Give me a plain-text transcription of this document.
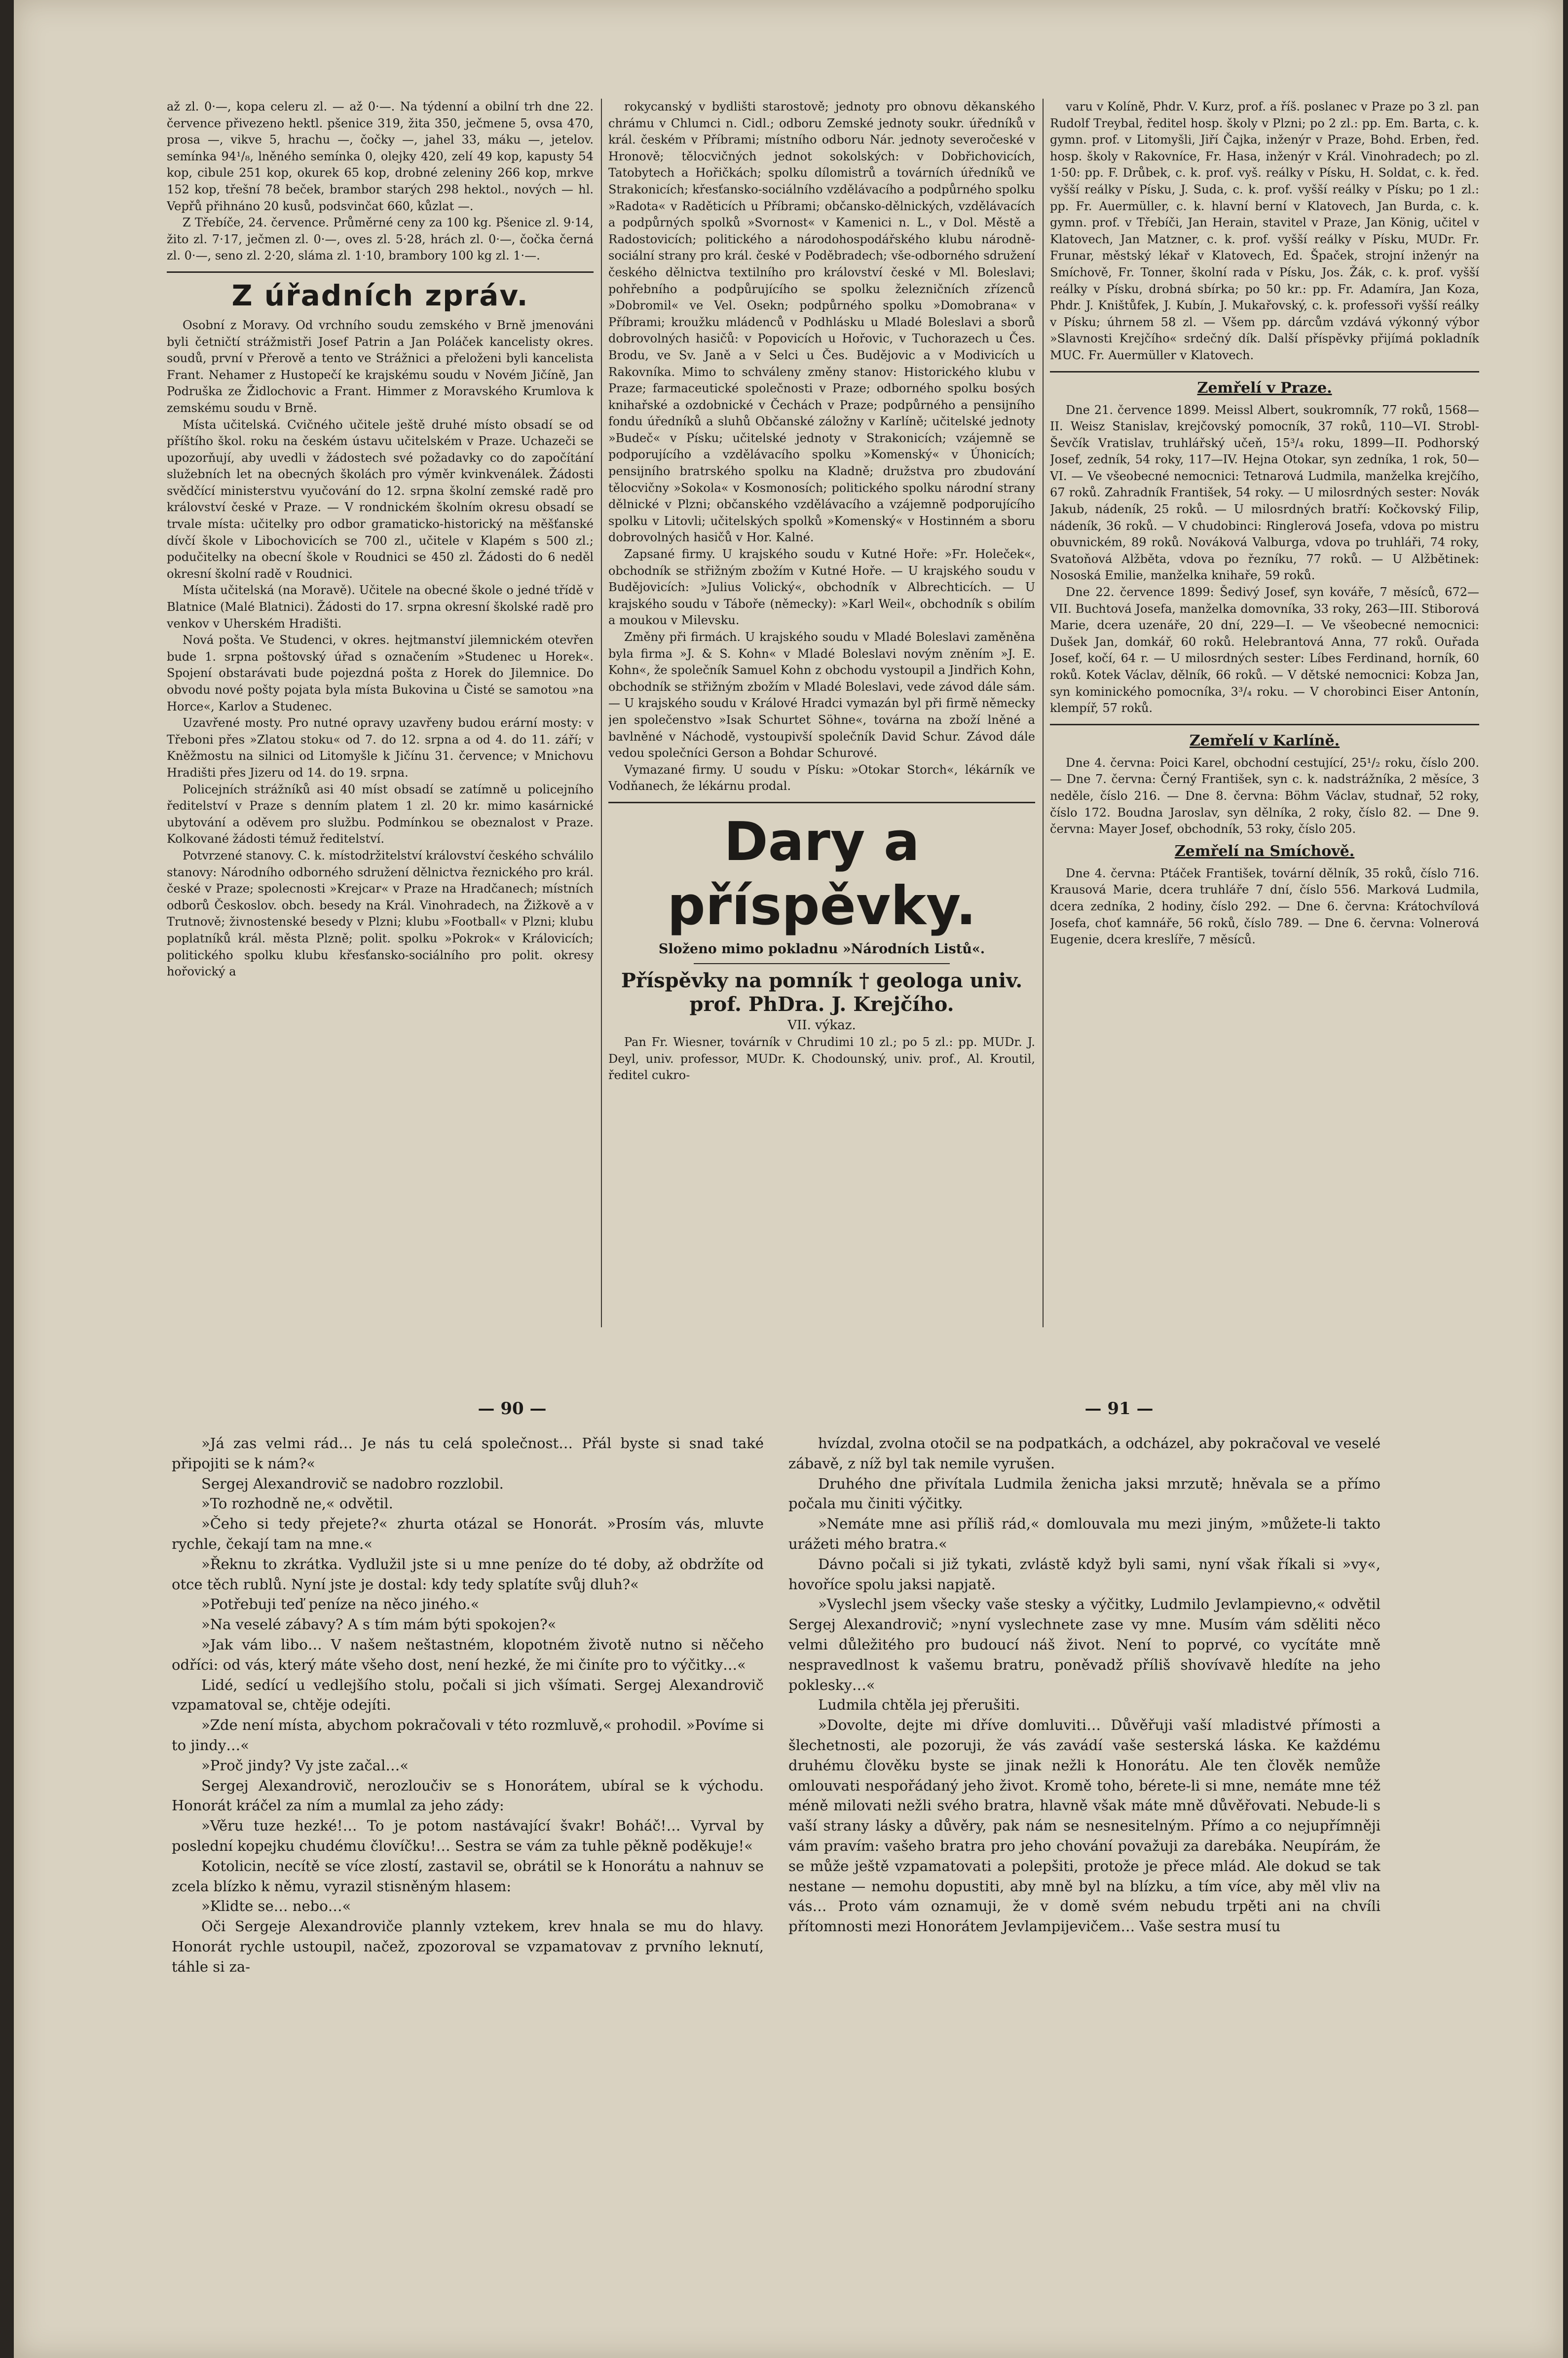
až zl. 0·—, kopa celeru zl. — až 0·—. Na týdenní a obilní trh dne 22. července přivezeno hektl. pšenice 319, žita 350, ječmene 5, ovsa 470, prosa —, vikve 5, hrachu —, čočky —, jahel 33, máku —, jetelov. semínka 94¹/₈, lněného semínka 0, olejky 420, zelí 49 kop, kapusty 54 kop, cibule 251 kop, okurek 65 kop, drobné zeleniny 266 kop, mrkve 152 kop, třešní 78 beček, brambor starých 298 hektol., nových — hl. Vepřů přihnáno 20 kusů, podsvinčat 660, kůzlat —.

Z Třebíče, 24. července. Průměrné ceny za 100 kg. Pšenice zl. 9·14, žito zl. 7·17, ječmen zl. 0·—, oves zl. 5·28, hrách zl. 0·—, čočka černá zl. 0·—, seno zl. 2·20, sláma zl. 1·10, brambory 100 kg zl. 1·—.

Z úřadních zpráv.

Osobní z Moravy. Od vrchního soudu zemského v Brně jmenováni byli četničtí strážmistři Josef Patrin a Jan Poláček kancelisty okres. soudů, první v Přerově a tento ve Strážnici a přeloženi byli kancelista Frant. Nehamer z Hustopečí ke krajskému soudu v Novém Jičíně, Jan Podruška ze Židlochovic a Frant. Himmer z Moravského Krumlova k zemskému soudu v Brně.

Místa učitelská. Cvičného učitele ještě druhé místo obsadí se od příštího škol. roku na českém ústavu učitelském v Praze. Uchazeči se upozorňují, aby uvedli v žádostech své požadavky co do započítání služebních let na obecných školách pro výměr kvinkvenálek. Žádosti svědčící ministerstvu vyučování do 12. srpna školní zemské radě pro království české v Praze. — V rondnickém školním okresu obsadí se trvale místa: učitelky pro odbor gramaticko-historický na měšťanské dívčí škole v Libochovicích se 700 zl., učitele v Klapém s 500 zl.; podučitelky na obecní škole v Roudnici se 450 zl. Žádosti do 6 neděl okresní školní radě v Roudnici.

Místa učitelská (na Moravě). Učitele na obecné škole o jedné třídě v Blatnice (Malé Blatnici). Žádosti do 17. srpna okresní školské radě pro venkov v Uherském Hradišti.

Nová pošta. Ve Studenci, v okres. hejtmanství jilemnickém otevřen bude 1. srpna poštovský úřad s označením »Studenec u Horek«. Spojení obstarávati bude pojezdná pošta z Horek do Jilemnice. Do obvodu nové pošty pojata byla místa Bukovina u Čisté se samotou »na Horce«, Karlov a Studenec.

Uzavřené mosty. Pro nutné opravy uzavřeny budou erární mosty: v Třeboni přes »Zlatou stoku« od 7. do 12. srpna a od 4. do 11. září; v Kněžmostu na silnici od Litomyšle k Jičínu 31. července; v Mnichovu Hradišti přes Jizeru od 14. do 19. srpna.

Policejních strážníků asi 40 míst obsadí se zatímně u policejního ředitelství v Praze s denním platem 1 zl. 20 kr. mimo kasárnické ubytování a oděvem pro službu. Podmínkou se obeznalost v Praze. Kolkované žádosti témuž ředitelství.

Potvrzené stanovy. C. k. místodržitelství království českého schválilo stanovy: Národního odborného sdružení dělnictva řeznického pro král. české v Praze; spolecnosti »Krejcar« v Praze na Hradčanech; místních odborů Českoslov. obch. besedy na Král. Vinohradech, na Žižkově a v Trutnově; živnostenské besedy v Plzni; klubu »Football« v Plzni; klubu poplatníků král. města Plzně; polit. spolku »Pokrok« v Královicích; politického spolku klubu křesťansko-sociálního pro polit. okresy hořovický a

rokycanský v bydlišti starostově; jednoty pro obnovu děkanského chrámu v Chlumci n. Cidl.; odboru Zemské jednoty soukr. úředníků v král. českém v Příbrami; místního odboru Nár. jednoty severočeské v Hronově; tělocvičných jednot sokolských: v Dobřichovicích, Tatobytech a Hořičkách; spolku dílomistrů a továrních úředníků ve Strakonicích; křesťansko-sociálního vzdělávacího a podpůrného spolku »Radota« v Raděticích u Příbrami; občansko-dělnických, vzdělávacích a podpůrných spolků »Svornost« v Kamenici n. L., v Dol. Městě a Radostovicích; politického a národohospodářského klubu národně-sociální strany pro král. české v Poděbradech; vše-odborného sdružení českého dělnictva textilního pro království české v Ml. Boleslavi; pohřebního a podpůrujícího se spolku železničních zřízenců »Dobromil« ve Vel. Osekn; podpůrného spolku »Domobrana« v Příbrami; kroužku mládenců v Podhlásku u Mladé Boleslavi a sborů dobrovolných hasičů: v Popovicích u Hořovic, v Tuchorazech u Čes. Brodu, ve Sv. Janě a v Selci u Čes. Budějovic a v Modivicích u Rakovníka. Mimo to schváleny změny stanov: Historického klubu v Praze; farmaceutické společnosti v Praze; odborného spolku bosých knihařské a ozdobnické v Čechách v Praze; podpůrného a pensijního fondu úředníků a sluhů Občanské záložny v Karlíně; učitelské jednoty »Budeč« v Písku; učitelské jednoty v Strakonicích; vzájemně se podporujícího a vzdělávacího spolku »Komenský« v Úhonicích; pensijního bratrského spolku na Kladně; družstva pro zbudování tělocvičny »Sokola« v Kosmonosích; politického spolku národní strany dělnické v Plzni; občanského vzdělávacího a vzájemně podporujícího spolku v Litovli; učitelských spolků »Komenský« v Hostinném a sboru dobrovolných hasičů v Hor. Kalné.

Zapsané firmy. U krajského soudu v Kutné Hoře: »Fr. Holeček«, obchodník se střižným zbožím v Kutné Hoře. — U krajského soudu v Budějovicích: »Julius Volický«, obchodník v Albrechticích. — U krajského soudu v Táboře (německy): »Karl Weil«, obchodník s obilím a moukou v Milevsku.

Změny při firmách. U krajského soudu v Mladé Boleslavi zaměněna byla firma »J. & S. Kohn« v Mladé Boleslavi novým zněním »J. E. Kohn«, že společník Samuel Kohn z obchodu vystoupil a Jindřich Kohn, obchodník se střižným zbožím v Mladé Boleslavi, vede závod dále sám. — U krajského soudu v Králové Hradci vymazán byl při firmě německy jen společenstvo »Isak Schurtet Söhne«, továrna na zboží lněné a bavlněné v Náchodě, vystoupivší společník David Schur. Závod dále vedou společníci Gerson a Bohdar Schurové.

Vymazané firmy. U soudu v Písku: »Otokar Storch«, lékárník ve Vodňanech, že lékárnu prodal.

Dary a příspěvky.
Složeno mimo pokladnu »Národních Listů«.
Příspěvky na pomník † geologa univ. prof. PhDra. J. Krejčího.
VII. výkaz.

Pan Fr. Wiesner, továrník v Chrudimi 10 zl.; po 5 zl.: pp. MUDr. J. Deyl, univ. professor, MUDr. K. Chodounský, univ. prof., Al. Kroutil, ředitel cukro-

varu v Kolíně, Phdr. V. Kurz, prof. a říš. poslanec v Praze po 3 zl. pan Rudolf Treybal, ředitel hosp. školy v Plzni; po 2 zl.: pp. Em. Barta, c. k. gymn. prof. v Litomyšli, Jiří Čajka, inženýr v Praze, Bohd. Erben, řed. hosp. školy v Rakovníce, Fr. Hasa, inženýr v Král. Vinohradech; po zl. 1·50: pp. F. Drůbek, c. k. prof. vyš. reálky v Písku, H. Soldat, c. k. řed. vyšší reálky v Písku, J. Suda, c. k. prof. vyšší reálky v Písku; po 1 zl.: pp. Fr. Auermüller, c. k. hlavní berní v Klatovech, Jan Burda, c. k. gymn. prof. v Třebíči, Jan Herain, stavitel v Praze, Jan König, učitel v Klatovech, Jan Matzner, c. k. prof. vyšší reálky v Písku, MUDr. Fr. Frunar, městský lékař v Klatovech, Ed. Špaček, strojní inženýr na Smíchově, Fr. Tonner, školní rada v Písku, Jos. Žák, c. k. prof. vyšší reálky v Písku, drobná sbírka; po 50 kr.: pp. Fr. Adamíra, Jan Koza, Phdr. J. Kništůfek, J. Kubín, J. Mukařovský, c. k. professoři vyšší reálky v Písku; úhrnem 58 zl. — Všem pp. dárcům vzdává výkonný výbor »Slavnosti Krejčího« srdečný dík. Další příspěvky přijímá pokladník MUC. Fr. Auermüller v Klatovech.

Zemřelí v Praze.

Dne 21. července 1899. Meissl Albert, soukromník, 77 roků, 1568—II. Weisz Stanislav, krejčovský pomocník, 37 roků, 110—VI. Strobl-Ševčík Vratislav, truhlářský učeň, 15³/₄ roku, 1899—II. Podhorský Josef, zedník, 54 roky, 117—IV. Hejna Otokar, syn zedníka, 1 rok, 50—VI. — Ve všeobecné nemocnici: Tetnarová Ludmila, manželka krejčího, 67 roků. Zahradník František, 54 roky. — U milosrdných sester: Novák Jakub, nádeník, 25 roků. — U milosrdných bratří: Kočkovský Filip, nádeník, 36 roků. — V chudobinci: Ringlerová Josefa, vdova po mistru obuvnickém, 89 roků. Nováková Valburga, vdova po truhláři, 74 roky, Svatoňová Alžběta, vdova po řezníku, 77 roků. — U Alžbětinek: Nososká Emilie, manželka knihaře, 59 roků.

Dne 22. července 1899: Šedivý Josef, syn kováře, 7 měsíců, 672—VII. Buchtová Josefa, manželka domovníka, 33 roky, 263—III. Stiborová Marie, dcera uzenáře, 20 dní, 229—I. — Ve všeobecné nemocnici: Dušek Jan, domkář, 60 roků. Helebrantová Anna, 77 roků. Ouřada Josef, kočí, 64 r. — U milosrdných sester: Líbes Ferdinand, horník, 60 roků. Kotek Václav, dělník, 66 roků. — V dětské nemocnici: Kobza Jan, syn kominického pomocníka, 3³/₄ roku. — V chorobinci Eiser Antonín, klempíř, 57 roků.

Zemřelí v Karlíně.

Dne 4. června: Poici Karel, obchodní cestující, 25¹/₂ roku, číslo 200. — Dne 7. června: Černý František, syn c. k. nadstrážníka, 2 měsíce, 3 neděle, číslo 216. — Dne 8. června: Böhm Václav, studnař, 52 roky, číslo 172. Boudna Jaroslav, syn dělníka, 2 roky, číslo 82. — Dne 9. června: Mayer Josef, obchodník, 53 roky, číslo 205.

Zemřelí na Smíchově.

Dne 4. června: Ptáček František, tovární dělník, 35 roků, číslo 716. Krausová Marie, dcera truhláře 7 dní, číslo 556. Marková Ludmila, dcera zedníka, 2 hodiny, číslo 292. — Dne 6. června: Krátochvílová Josefa, choť kamnáře, 56 roků, číslo 789. — Dne 6. června: Volnerová Eugenie, dcera kreslíře, 7 měsíců.

— 90 —	— 91 —

»Já zas velmi rád… Je nás tu celá společnost… Přál byste si snad také připojiti se k nám?«

Sergej Alexandrovič se nadobro rozzlobil.

»To rozhodně ne,« odvětil.

»Čeho si tedy přejete?« zhurta otázal se Honorát. »Prosím vás, mluvte rychle, čekají tam na mne.«

»Řeknu to zkrátka. Vydlužil jste si u mne peníze do té doby, až obdržíte od otce těch rublů. Nyní jste je dostal: kdy tedy splatíte svůj dluh?«

»Potřebuji teď peníze na něco jiného.«

»Na veselé zábavy? A s tím mám býti spokojen?«

»Jak vám libo… V našem neštastném, klopotném životě nutno si něčeho odříci: od vás, který máte všeho dost, není hezké, že mi činíte pro to výčitky…«

Lidé, sedící u vedlejšího stolu, počali si jich všímati. Sergej Alexandrovič vzpamatoval se, chtěje odejíti.

»Zde není místa, abychom pokračovali v této rozmluvě,« prohodil. »Povíme si to jindy…«

»Proč jindy? Vy jste začal…«

Sergej Alexandrovič, nerozloučiv se s Honorátem, ubíral se k východu. Honorát kráčel za ním a mumlal za jeho zády:

»Věru tuze hezké!… To je potom nastávající švakr! Boháč!… Vyrval by poslední kopejku chudému človíčku!… Sestra se vám za tuhle pěkně poděkuje!«

Kotolicin, necítě se více zlostí, zastavil se, obrátil se k Honorátu a nahnuv se zcela blízko k němu, vyrazil stisněným hlasem:

»Klidte se… nebo…«

Oči Sergeje Alexandroviče plannly vztekem, krev hnala se mu do hlavy. Honorát rychle ustoupil, načež, zpozoroval se vzpamatovav z prvního leknutí, táhle si za-

hvízdal, zvolna otočil se na podpatkách, a odcházel, aby pokračoval ve veselé zábavě, z níž byl tak nemile vyrušen.

Druhého dne přivítala Ludmila ženicha jaksi mrzutě; hněvala se a přímo počala mu činiti výčitky.

»Nemáte mne asi příliš rád,« domlouvala mu mezi jiným, »můžete-li takto urážeti mého bratra.«

Dávno počali si již tykati, zvlástě když byli sami, nyní však říkali si »vy«, hovoříce spolu jaksi napjatě.

»Vyslechl jsem všecky vaše stesky a výčitky, Ludmilo Jevlampievno,« odvětil Sergej Alexandrovič; »nyní vyslechnete zase vy mne. Musím vám sděliti něco velmi důležitého pro budoucí náš život. Není to poprvé, co vycítáte mně nespravedlnost k vašemu bratru, poněvadž příliš shovívavě hledíte na jeho poklesky…«

Ludmila chtěla jej přerušiti.

»Dovolte, dejte mi dříve domluviti… Důvěřuji vaší mladistvé přímosti a šlechetnosti, ale pozoruji, že vás zavádí vaše sesterská láska. Ke každému druhému člověku byste se jinak nežli k Honorátu. Ale ten člověk nemůže omlouvati nespořádaný jeho život. Kromě toho, bérete-li si mne, nemáte mne též méně milovati nežli svého bratra, hlavně však máte mně důvěřovati. Nebude-li s vaší strany lásky a důvěry, pak nám se nesnesitelným. Přímo a co nejupřímněji vám pravím: vašeho bratra pro jeho chování považuji za darebáka. Neupírám, že se může ještě vzpamatovati a polepšiti, protože je přece mlád. Ale dokud se tak nestane — nemohu dopustiti, aby mně byl na blízku, a tím více, aby měl vliv na vás… Proto vám oznamuji, že v domě svém nebudu trpěti ani na chvíli přítomnosti mezi Honorátem Jevlampijevičem… Vaše sestra musí tu
